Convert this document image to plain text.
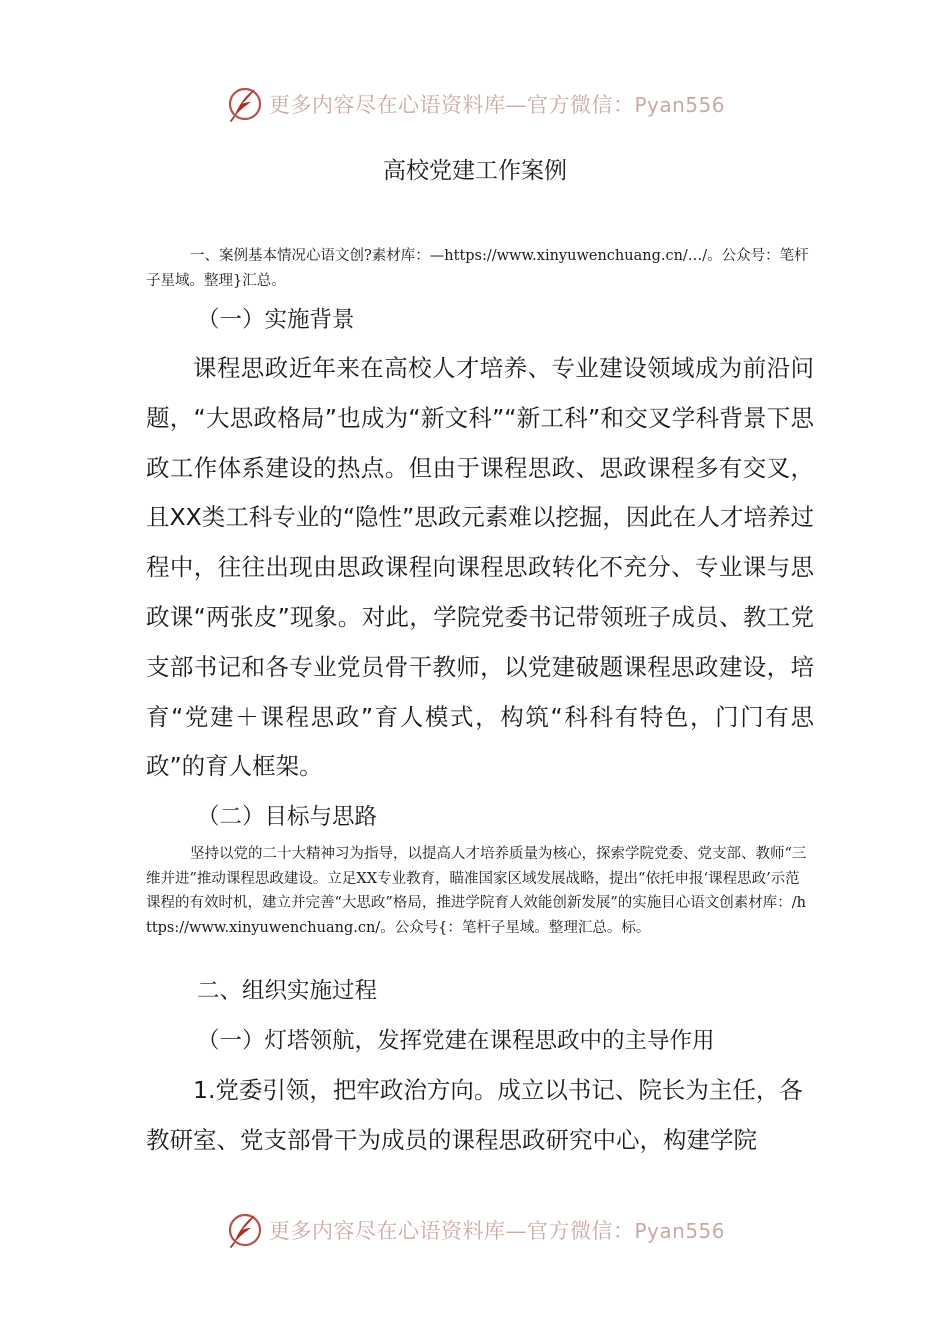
更多内容尽在心语资料库—官方微信：Pyan556
高校党建工作案例

一、案例基本情况心语文创?素材库：—https://www.xinyuwenchuang.cn/…/。公众号：笔杆子星域。整理}汇总。

（一）实施背景

课程思政近年来在高校人才培养、专业建设领域成为前沿问题，“大思政格局”也成为“新文科”“新工科”和交叉学科背景下思政工作体系建设的热点。但由于课程思政、思政课程多有交叉，且XX类工科专业的“隐性”思政元素难以挖掘，因此在人才培养过程中，往往出现由思政课程向课程思政转化不充分、专业课与思政课“两张皮”现象。对此，学院党委书记带领班子成员、教工党支部书记和各专业党员骨干教师，以党建破题课程思政建设，培育“党建＋课程思政”育人模式，构筑“科科有特色，门门有思政”的育人框架。

（二）目标与思路

坚持以党的二十大精神习为指导，以提高人才培养质量为核心，探索学院党委、党支部、教师“三维并进”推动课程思政建设。立足XX专业教育，瞄准国家区域发展战略，提出“依托申报‘课程思政’示范课程的有效时机，建立并完善“大思政”格局，推进学院育人效能创新发展”的实施目心语文创素材库：/https://www.xinyuwenchuang.cn/。公众号{：笔杆子星域。整理汇总。标。

二、组织实施过程
（一）灯塔领航，发挥党建在课程思政中的主导作用

1.党委引领，把牢政治方向。成立以书记、院长为主任，各教研室、党支部骨干为成员的课程思政研究中心，构建学院

更多内容尽在心语资料库—官方微信：Pyan556
